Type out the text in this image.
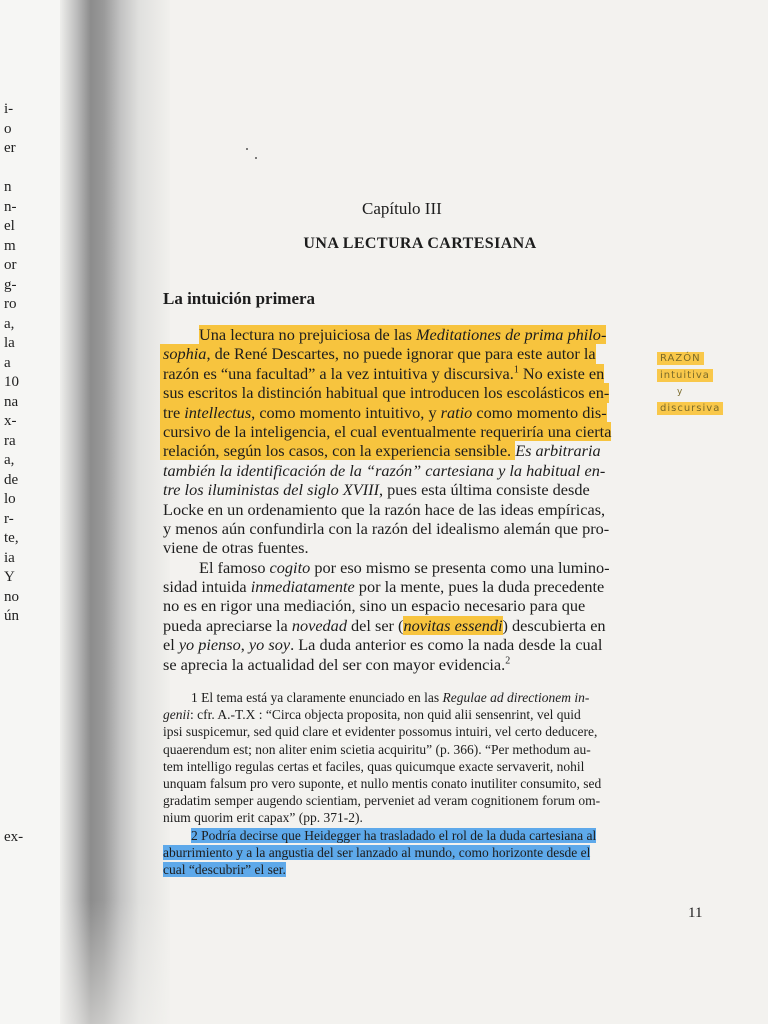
i-
o
er
n
n-
el
m
or
g-
ro
a,
la
a
10
na
x-
ra
a,
de
lo
r-
te,
ia
Y
no
ún
ex-
Capítulo III
UNA LECTURA CARTESIANA
La intuición primera
Una lectura no prejuiciosa de las Meditationes de prima philo-
sophia, de René Descartes, no puede ignorar que para este autor la
razón es “una facultad” a la vez intuitiva y discursiva.$^1$ No existe en
sus escritos la distinción habitual que introducen los escolásticos en-
tre intellectus, como momento intuitivo, y ratio como momento dis-
cursivo de la inteligencia, el cual eventualmente requeriría una cierta
relación, según los casos, con la experiencia sensible. Es arbitraria
también la identificación de la “razón” cartesiana y la habitual en-
tre los iluministas del siglo XVIII, pues esta última consiste desde
Locke en un ordenamiento que la razón hace de las ideas empíricas,
y menos aún confundirla con la razón del idealismo alemán que pro-
viene de otras fuentes.
El famoso cogito por eso mismo se presenta como una lumino-
sidad intuida inmediatamente por la mente, pues la duda precedente
no es en rigor una mediación, sino un espacio necesario para que
pueda apreciarse la novedad del ser (novitas essendi) descubierta en
el yo pienso, yo soy. La duda anterior es como la nada desde la cual
se aprecia la actualidad del ser con mayor evidencia.$^2$
RAZÓN
intuitiva
y
discursiva
1 El tema está ya claramente enunciado en las Regulae ad directionem in-
genii: cfr. A.-T.X : “Circa objecta proposita, non quid alii sensenrint, vel quid
ipsi suspicemur, sed quid clare et evidenter possomus intuiri, vel certo deducere,
quaerendum est; non aliter enim scietia acquiritu” (p. 366). “Per methodum au-
tem intelligo regulas certas et faciles, quas quicumque exacte servaverit, nohil
unquam falsum pro vero suponte, et nullo mentis conato inutiliter consumito, sed
gradatim semper augendo scientiam, perveniet ad veram cognitionem forum om-
nium quorim erit capax” (pp. 371-2).
2 Podría decirse que Heidegger ha trasladado el rol de la duda cartesiana al
aburrimiento y a la angustia del ser lanzado al mundo, como horizonte desde el
cual “descubrir” el ser.
11
